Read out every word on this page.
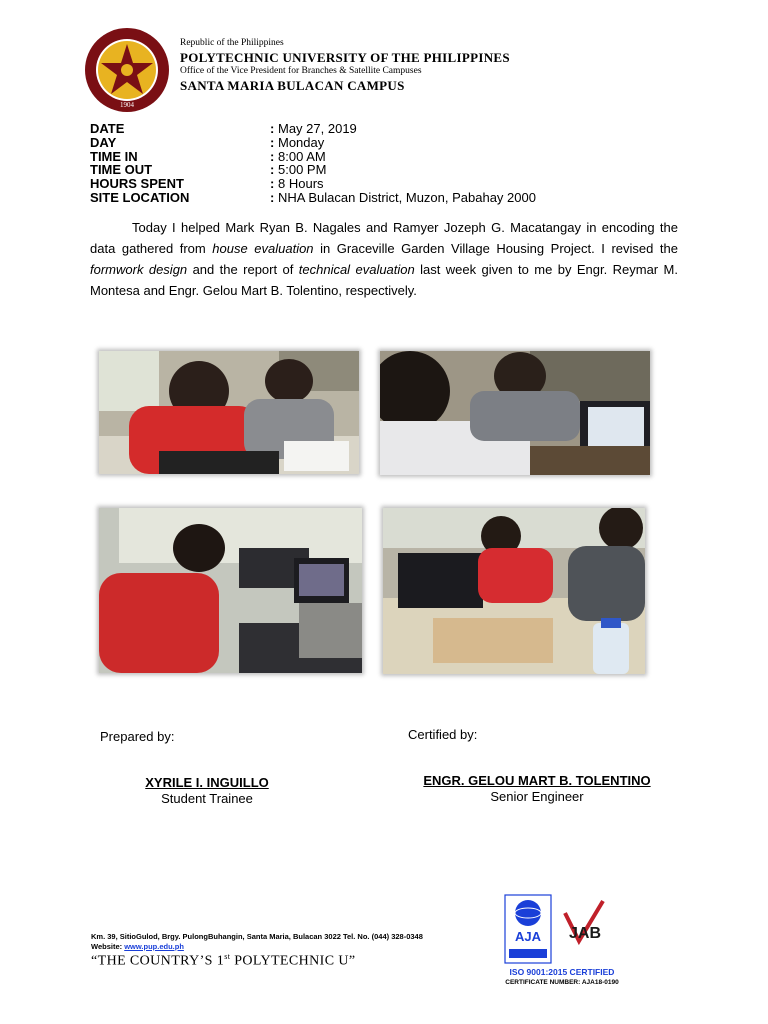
1904
Republic of the Philippines
POLYTECHNIC UNIVERSITY OF THE PHILIPPINES
Office of the Vice President for Branches & Satellite Campuses
SANTA MARIA BULACAN CAMPUS
DATE	: May 27, 2019
DAY	: Monday
TIME IN	: 8:00 AM
TIME OUT	: 5:00 PM
HOURS SPENT	: 8 Hours
SITE LOCATION	: NHA Bulacan District, Muzon, Pabahay 2000
Today I helped Mark Ryan B. Nagales and Ramyer Jozeph G. Macatangay in encoding the data gathered from house evaluation in Graceville Garden Village Housing Project. I revised the formwork design and the report of technical evaluation last week given to me by Engr. Reymar M. Montesa and Engr. Gelou Mart B. Tolentino, respectively.
Prepared by:	Certified by:
XYRILE I. INGUILLO
Student Trainee
ENGR. GELOU MART B. TOLENTINO
Senior Engineer
Km. 39, SitioGulod, Brgy. PulongBuhangin, Santa Maria, Bulacan 3022 Tel. No. (044) 328-0348
Website: www.pup.edu.ph
“THE COUNTRY’S 1st POLYTECHNIC U”
AJA JAB
ISO 9001:2015 CERTIFIED
CERTIFICATE NUMBER: AJA18-0190
